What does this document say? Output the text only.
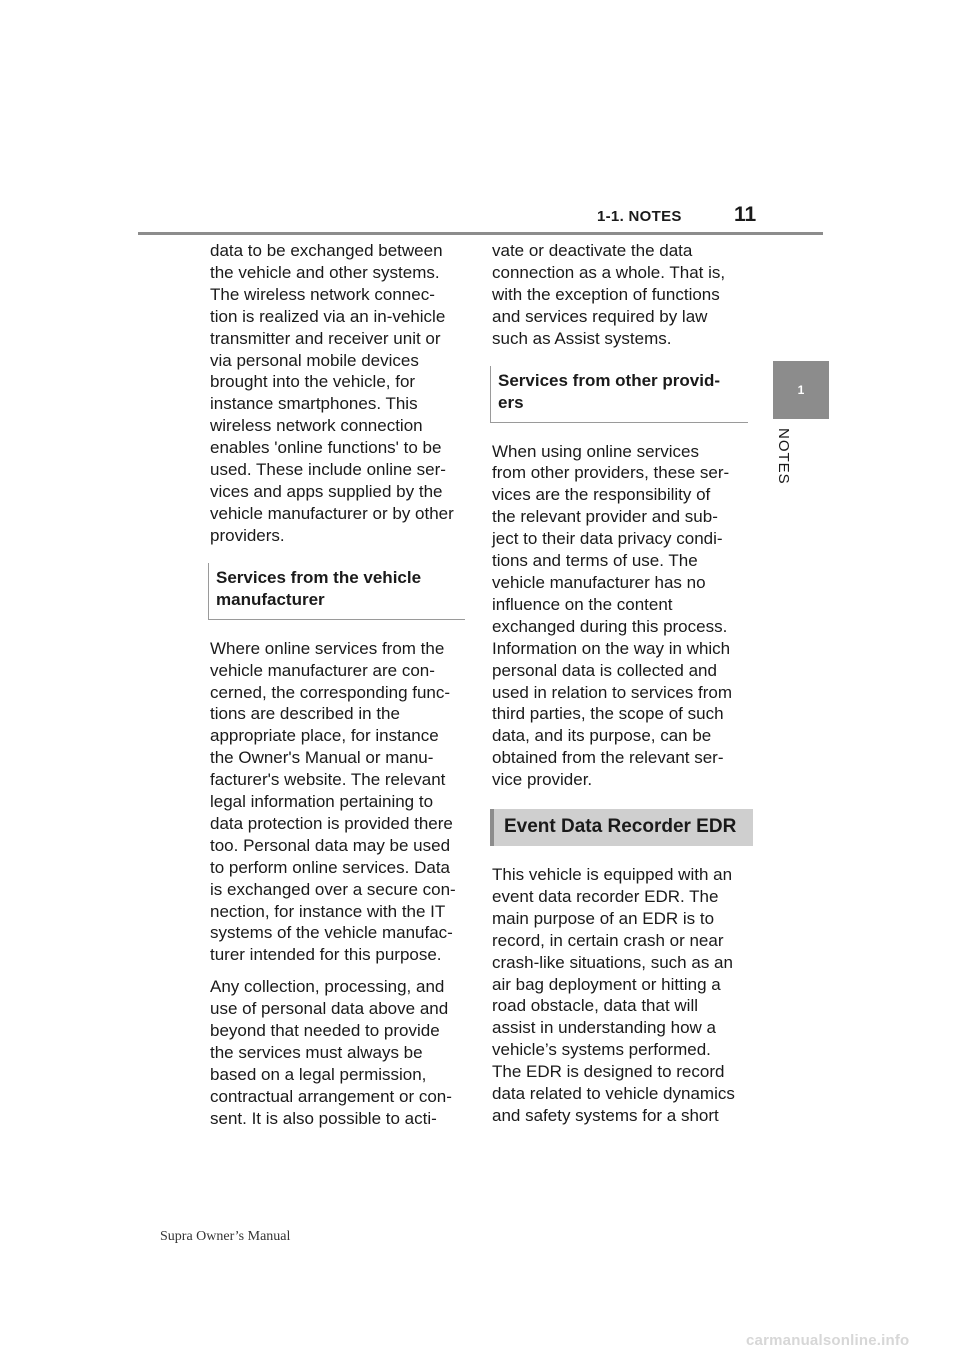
1-1. NOTES 11
1
NOTES

data to be exchanged between
the vehicle and other systems.
The wireless network connec-
tion is realized via an in-vehicle
transmitter and receiver unit or
via personal mobile devices
brought into the vehicle, for
instance smartphones. This
wireless network connection
enables 'online functions' to be
used. These include online ser-
vices and apps supplied by the
vehicle manufacturer or by other
providers.

Services from the vehicle
manufacturer

Where online services from the
vehicle manufacturer are con-
cerned, the corresponding func-
tions are described in the
appropriate place, for instance
the Owner's Manual or manu-
facturer's website. The relevant
legal information pertaining to
data protection is provided there
too. Personal data may be used
to perform online services. Data
is exchanged over a secure con-
nection, for instance with the IT
systems of the vehicle manufac-
turer intended for this purpose.

Any collection, processing, and
use of personal data above and
beyond that needed to provide
the services must always be
based on a legal permission,
contractual arrangement or con-
sent. It is also possible to acti-

vate or deactivate the data
connection as a whole. That is,
with the exception of functions
and services required by law
such as Assist systems.

Services from other provid-
ers

When using online services
from other providers, these ser-
vices are the responsibility of
the relevant provider and sub-
ject to their data privacy condi-
tions and terms of use. The
vehicle manufacturer has no
influence on the content
exchanged during this process.
Information on the way in which
personal data is collected and
used in relation to services from
third parties, the scope of such
data, and its purpose, can be
obtained from the relevant ser-
vice provider.

Event Data Recorder EDR

This vehicle is equipped with an
event data recorder EDR. The
main purpose of an EDR is to
record, in certain crash or near
crash-like situations, such as an
air bag deployment or hitting a
road obstacle, data that will
assist in understanding how a
vehicle’s systems performed.
The EDR is designed to record
data related to vehicle dynamics
and safety systems for a short

Supra Owner’s Manual
carmanualsonline.info
